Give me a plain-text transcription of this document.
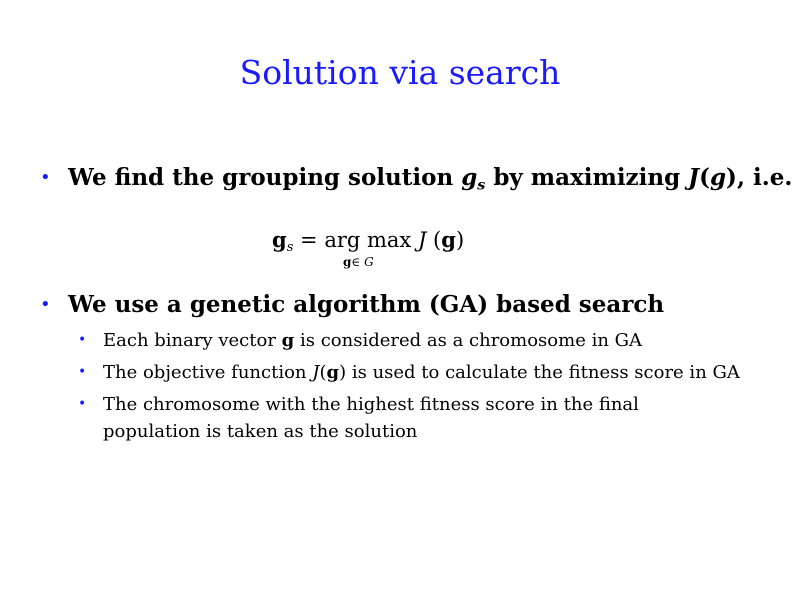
Solution via search
• We find the grouping solution $g_s$ by maximizing J(g), i.e.
$g_s$ = arg max J (g)
g∈ G
• We use a genetic algorithm (GA) based search
• Each binary vector g is considered as a chromosome in GA
• The objective function J(g) is used to calculate the fitness score in GA
• The chromosome with the highest fitness score in the final population is taken as the solution
